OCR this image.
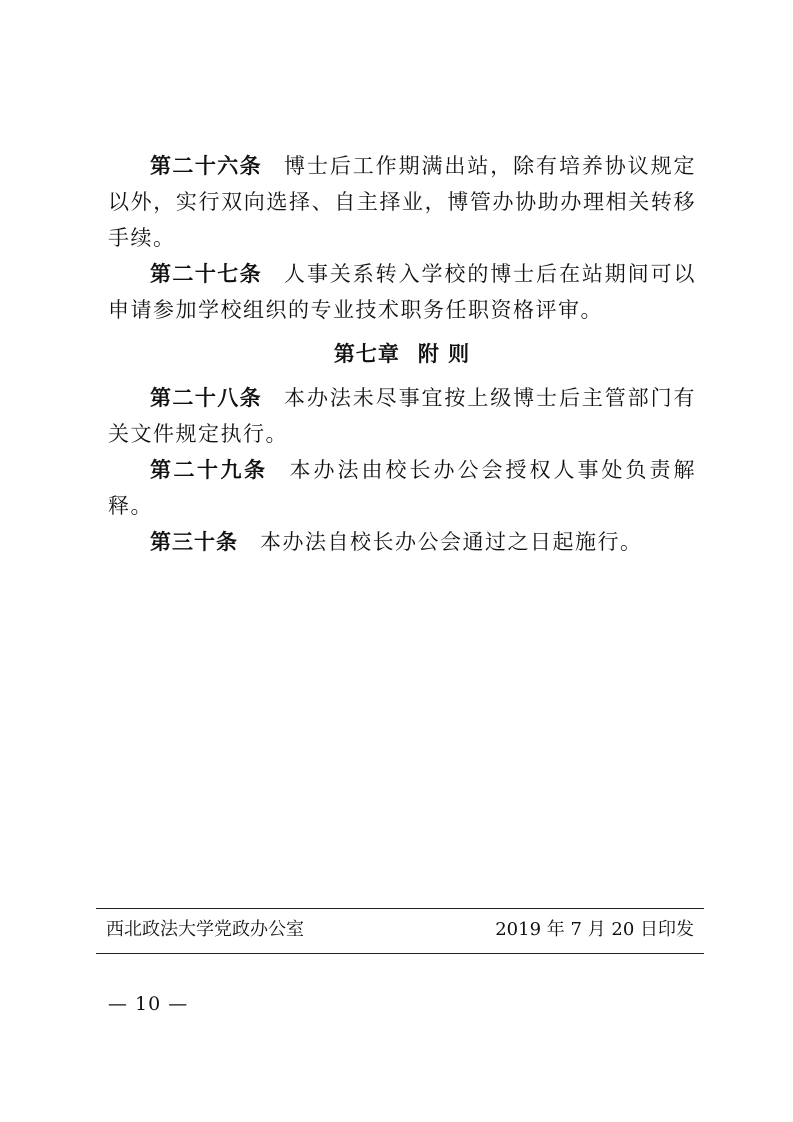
第二十六条 博士后工作期满出站，除有培养协议规定以外，实行双向选择、自主择业，博管办协助办理相关转移手续。

第二十七条 人事关系转入学校的博士后在站期间可以申请参加学校组织的专业技术职务任职资格评审。

第七章 附 则

第二十八条 本办法未尽事宜按上级博士后主管部门有关文件规定执行。

第二十九条 本办法由校长办公会授权人事处负责解释。

第三十条 本办法自校长办公会通过之日起施行。

西北政法大学党政办公室	2019 年 7 月 20 日印发
— 10 —
